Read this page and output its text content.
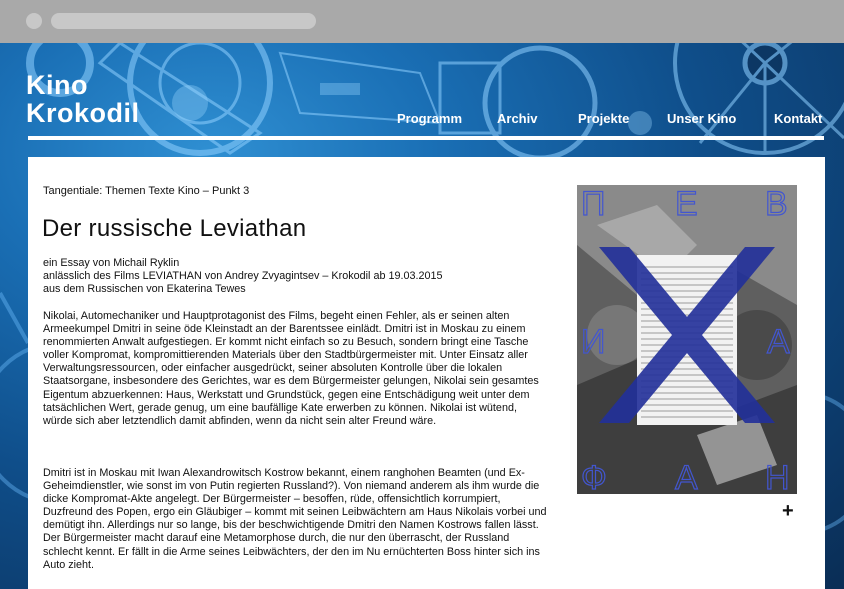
Kino
Krokodil	Programm	Archiv	Projekte	Unser Kino	Kontakt
Tangentiale: Themen Texte Kino – Punkt 3
Der russische Leviathan
ein Essay von Michail Ryklin
anlässlich des Films LEVIATHAN von Andrey Zvyagintsev – Krokodil ab 19.03.2015
aus dem Russischen von Ekaterina Tewes

Nikolai, Automechaniker und Hauptprotagonist des Films, begeht einen Fehler, als er seinen alten Armeekumpel Dmitri in seine öde Kleinstadt an der Barentssee einlädt. Dmitri ist in Moskau zu einem renommierten Anwalt aufgestiegen. Er kommt nicht einfach so zu Besuch, sondern bringt eine Tasche voller Kompromat, kompromittierenden Materials über den Stadtbürgermeister mit. Unter Einsatz aller Verwaltungsressourcen, oder einfacher ausgedrückt, seiner absoluten Kontrolle über die lokalen Staatsorgane, insbesondere des Gerichtes, war es dem Bürgermeister gelungen, Nikolai sein gesamtes Eigentum abzuerkennen: Haus, Werkstatt und Grundstück, gegen eine Entschädigung weit unter dem tatsächlichen Wert, gerade genug, um eine baufällige Kate erwerben zu können. Nikolai ist wütend, würde sich aber letztendlich damit abfinden, wenn da nicht sein alter Freund wäre.

Dmitri ist in Moskau mit Iwan Alexandrowitsch Kostrow bekannt, einem ranghohen Beamten (und Ex-Geheimdienstler, wie sonst im von Putin regierten Russland?). Von niemand anderem als ihm wurde die dicke Kompromat-Akte angelegt. Der Bürgermeister – besoffen, rüde, offensichtlich korrumpiert, Duzfreund des Popen, ergo ein Gläubiger – kommt mit seinen Leibwächtern am Haus Nikolais vorbei und demütigt ihn. Allerdings nur so lange, bis der beschwichtigende Dmitri den Namen Kostrows fallen lässt. Der Bürgermeister macht darauf eine Metamorphose durch, die nur den überrascht, der Russland schlecht kennt. Er fällt in die Arme seines Leibwächters, der den im Nu ernüchterten Boss hinter sich ins Auto zieht.

П Е В
И	А
Ф А Н
+
